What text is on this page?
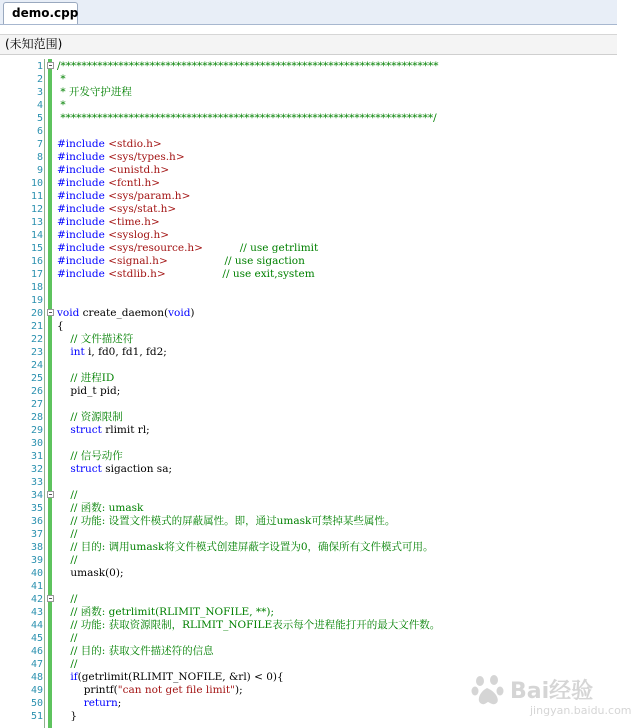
demo.cpp
(未知范围)
1 /************************************************************************
2 *
3 * 开发守护进程
4 *
5 ***********************************************************************/
6
7 #include <stdio.h>
8 #include <sys/types.h>
9 #include <unistd.h>
10 #include <fcntl.h>
11 #include <sys/param.h>
12 #include <sys/stat.h>
13 #include <time.h>
14 #include <syslog.h>
15 #include <sys/resource.h>	// use getrlimit
16 #include <signal.h>	// use sigaction
17 #include <stdlib.h>	// use exit,system
18
19
20 void create_daemon(void)
21 {
22	// 文件描述符
23	int i, fd0, fd1, fd2;
24
25	// 进程ID
26 pid_t pid;
27
28	// 资源限制
29	struct rlimit rl;
30
31	// 信号动作
32	struct sigaction sa;
33
34	//
35	// 函数: umask
36	// 功能: 设置文件模式的屏蔽属性。即，通过umask可禁掉某些属性。
37	//
38	// 目的: 调用umask将文件模式创建屏蔽字设置为0，确保所有文件模式可用。
39	//
40 umask(0);
41
42	//
43	// 函数: getrlimit(RLIMIT_NOFILE, **);
44	// 功能: 获取资源限制，RLIMIT_NOFILE表示每个进程能打开的最大文件数。
45	//
46	// 目的: 获取文件描述符的信息
47	//
48	if(getrlimit(RLIMIT_NOFILE, &rl) < 0){
49 printf("can not get file limit");
50	return;
51 }
Bai经验
jingyan.baidu.com
